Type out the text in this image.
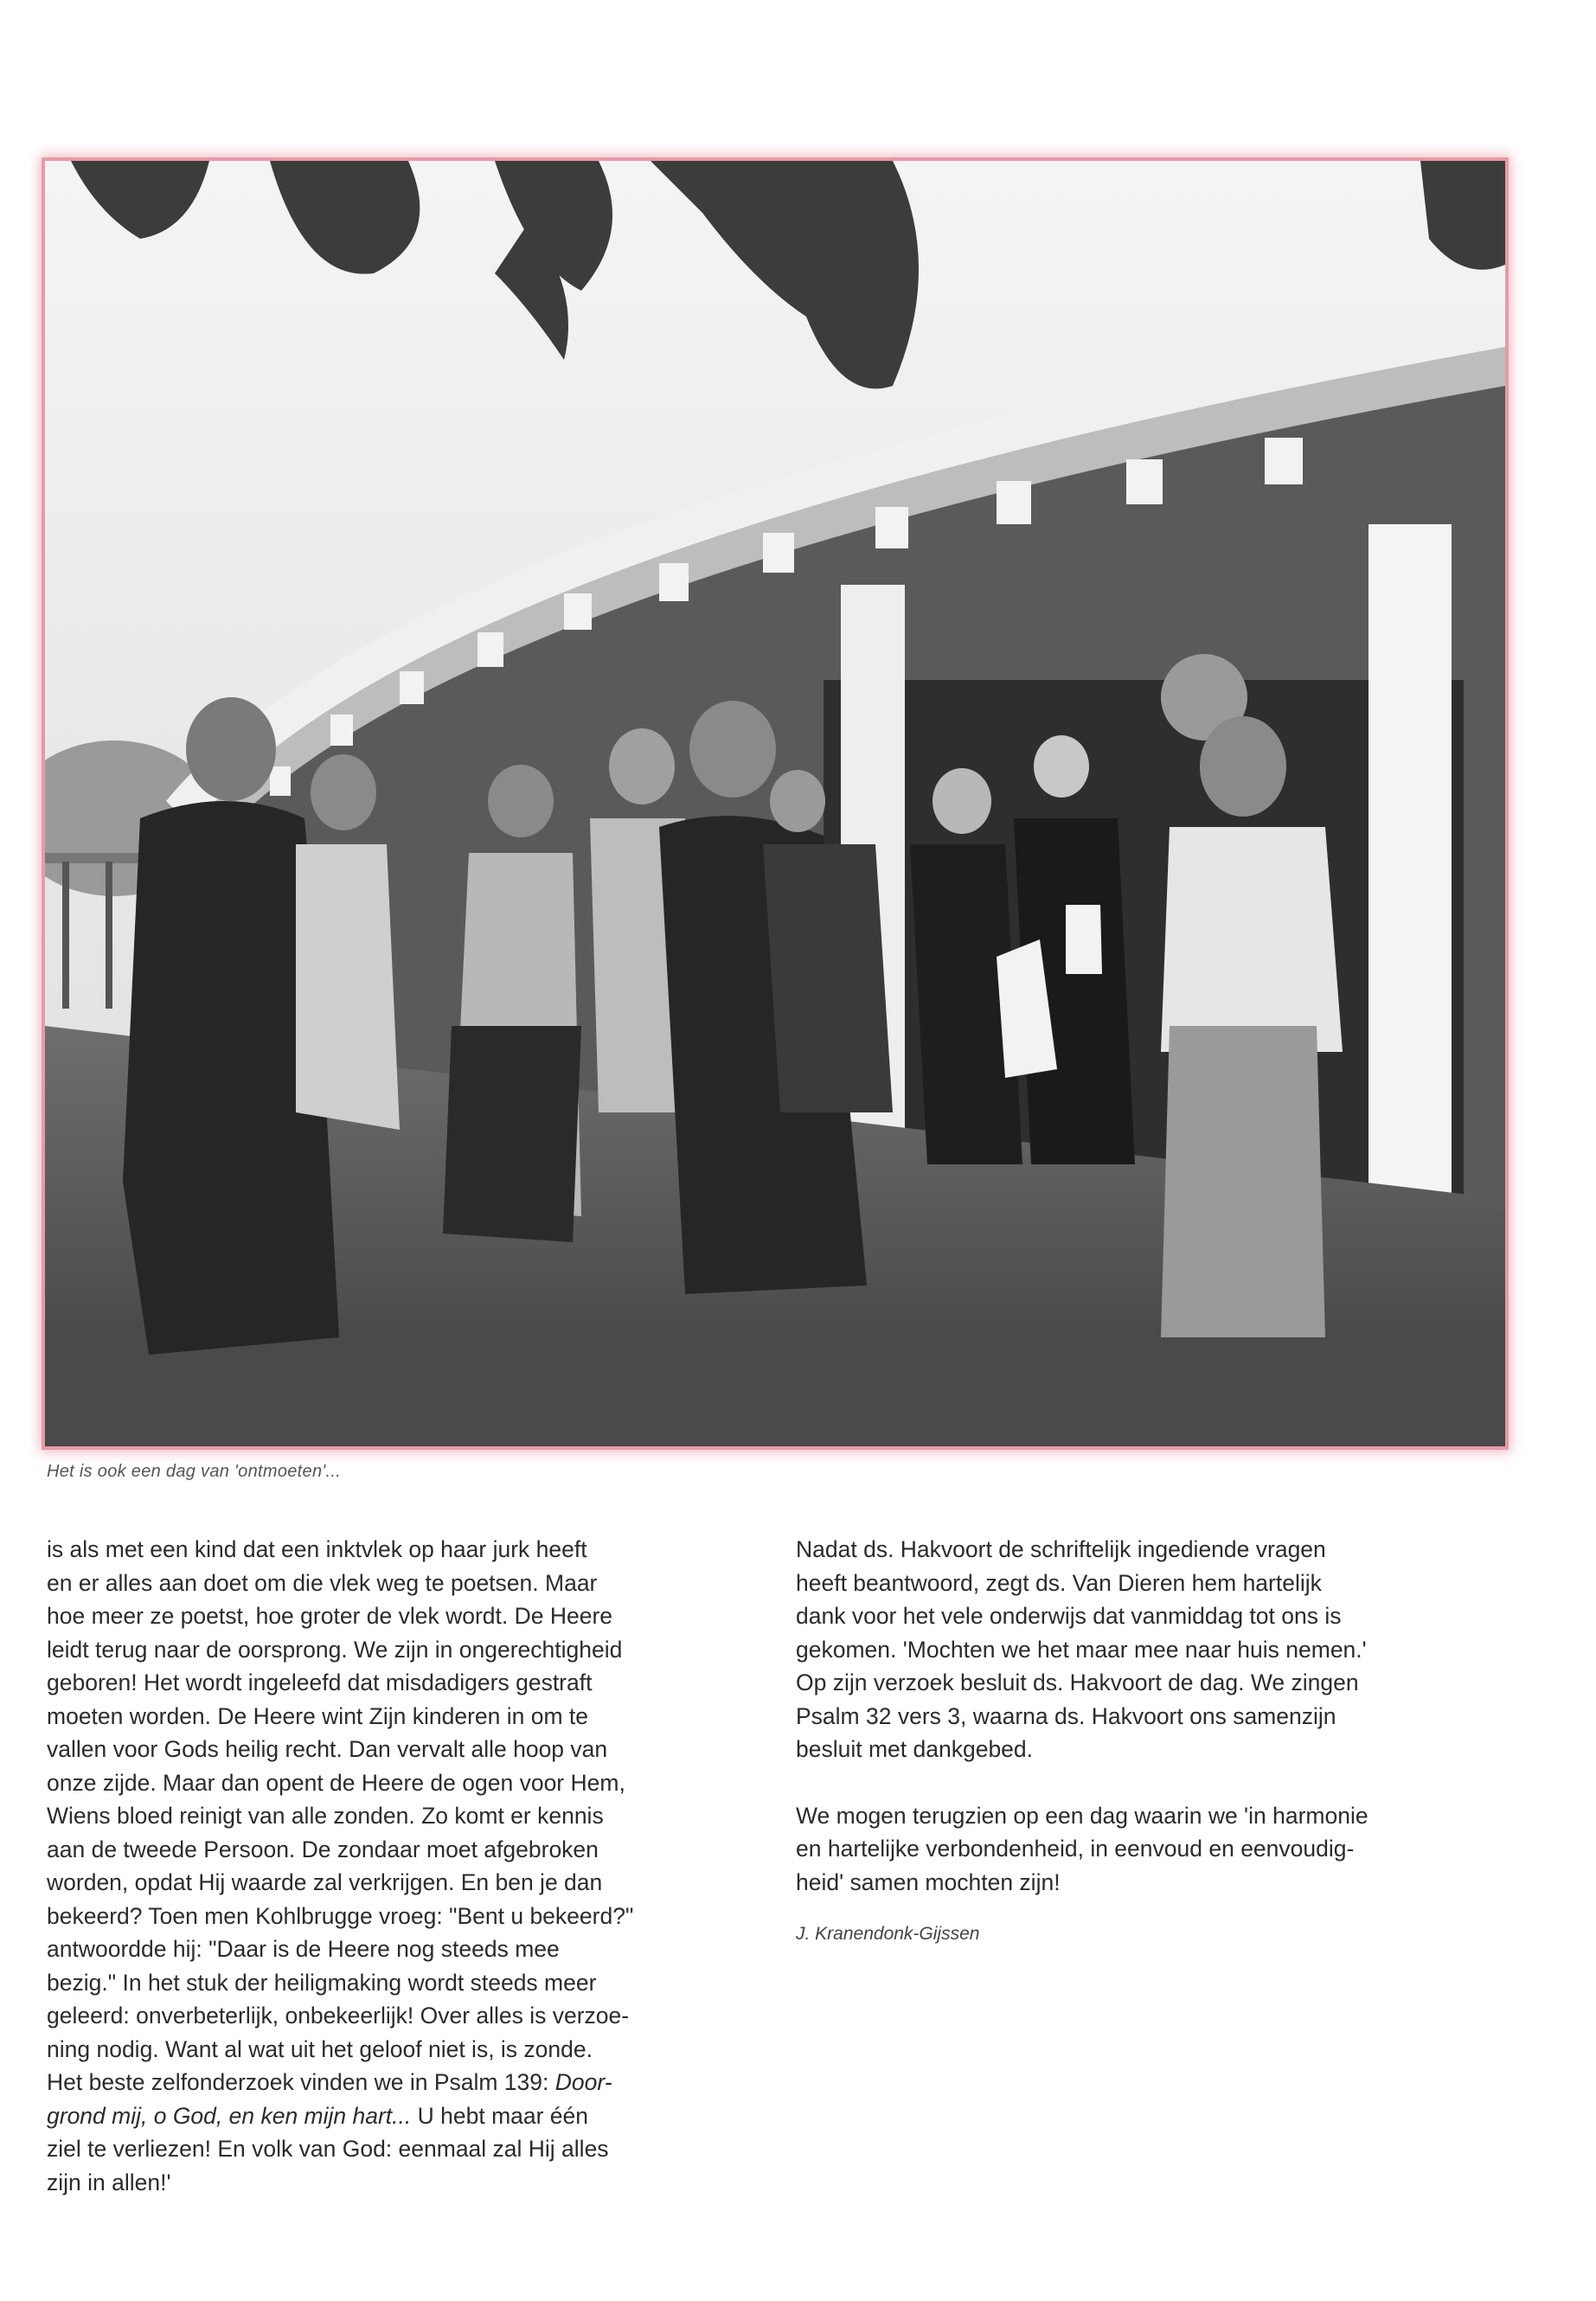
Het is ook een dag van 'ontmoeten'...
is als met een kind dat een inktvlek op haar jurk heeft
en er alles aan doet om die vlek weg te poetsen. Maar
hoe meer ze poetst, hoe groter de vlek wordt. De Heere
leidt terug naar de oorsprong. We zijn in ongerechtigheid
geboren! Het wordt ingeleefd dat misdadigers gestraft
moeten worden. De Heere wint Zijn kinderen in om te
vallen voor Gods heilig recht. Dan vervalt alle hoop van
onze zijde. Maar dan opent de Heere de ogen voor Hem,
Wiens bloed reinigt van alle zonden. Zo komt er kennis
aan de tweede Persoon. De zondaar moet afgebroken
worden, opdat Hij waarde zal verkrijgen. En ben je dan
bekeerd? Toen men Kohlbrugge vroeg: "Bent u bekeerd?"
antwoordde hij: "Daar is de Heere nog steeds mee
bezig." In het stuk der heiligmaking wordt steeds meer
geleerd: onverbeterlijk, onbekeerlijk! Over alles is verzoe-
ning nodig. Want al wat uit het geloof niet is, is zonde.
Het beste zelfonderzoek vinden we in Psalm 139: Door-
grond mij, o God, en ken mijn hart... U hebt maar één
ziel te verliezen! En volk van God: eenmaal zal Hij alles
zijn in allen!'
Nadat ds. Hakvoort de schriftelijk ingediende vragen
heeft beantwoord, zegt ds. Van Dieren hem hartelijk
dank voor het vele onderwijs dat vanmiddag tot ons is
gekomen. 'Mochten we het maar mee naar huis nemen.'
Op zijn verzoek besluit ds. Hakvoort de dag. We zingen
Psalm 32 vers 3, waarna ds. Hakvoort ons samenzijn
besluit met dankgebed.
We mogen terugzien op een dag waarin we 'in harmonie
en hartelijke verbondenheid, in eenvoud en eenvoudig-
heid' samen mochten zijn!
J. Kranendonk-Gijssen
